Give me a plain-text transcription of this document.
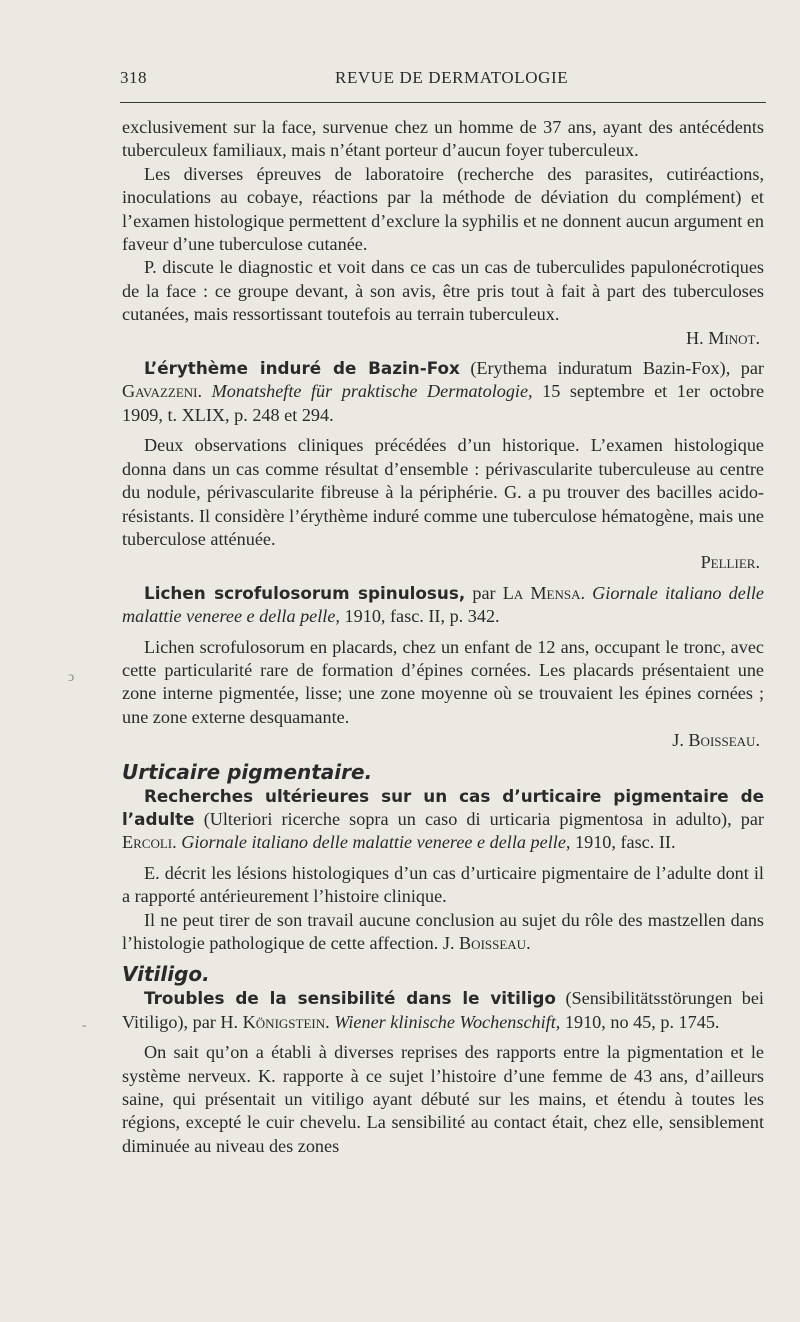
318	REVUE DE DERMATOLOGIE
ↄ
-

exclusivement sur la face, survenue chez un homme de 37 ans, ayant des antécédents tuberculeux familiaux, mais n’étant porteur d’aucun foyer tuberculeux.

Les diverses épreuves de laboratoire (recherche des parasites, cutiréactions, inoculations au cobaye, réactions par la méthode de déviation du complément) et l’examen histologique permettent d’exclure la syphilis et ne donnent aucun argument en faveur d’une tuberculose cutanée.

P. discute le diagnostic et voit dans ce cas un cas de tuberculides papulonécrotiques de la face : ce groupe devant, à son avis, être pris tout à fait à part des tuberculoses cutanées, mais ressortissant toutefois au terrain tuberculeux.

H. Minot.

L’érythème induré de Bazin-Fox (Erythema induratum Bazin-Fox), par Gavazzeni. Monatshefte für praktische Dermatologie, 15 septembre et 1er octobre 1909, t. XLIX, p. 248 et 294.

Deux observations cliniques précédées d’un historique. L’examen histologique donna dans un cas comme résultat d’ensemble : périvascularite tuberculeuse au centre du nodule, périvascularite fibreuse à la périphérie. G. a pu trouver des bacilles acido-résistants. Il considère l’érythème induré comme une tuberculose hématogène, mais une tuberculose atténuée.

Pellier.

Lichen scrofulosorum spinulosus, par La Mensa. Giornale italiano delle malattie veneree e della pelle, 1910, fasc. II, p. 342.

Lichen scrofulosorum en placards, chez un enfant de 12 ans, occupant le tronc, avec cette particularité rare de formation d’épines cornées. Les placards présentaient une zone interne pigmentée, lisse; une zone moyenne où se trouvaient les épines cornées ; une zone externe desquamante.

J. Boisseau.

Urticaire pigmentaire.

Recherches ultérieures sur un cas d’urticaire pigmentaire de l’adulte (Ulteriori ricerche sopra un caso di urticaria pigmentosa in adulto), par Ercoli. Giornale italiano delle malattie veneree e della pelle, 1910, fasc. II.

E. décrit les lésions histologiques d’un cas d’urticaire pigmentaire de l’adulte dont il a rapporté antérieurement l’histoire clinique.

Il ne peut tirer de son travail aucune conclusion au sujet du rôle des mastzellen dans l’histologie pathologique de cette affection. J. Boisseau.

Vitiligo.

Troubles de la sensibilité dans le vitiligo (Sensibilitätsstörungen bei Vitiligo), par H. Königstein. Wiener klinische Wochenschift, 1910, no 45, p. 1745.

On sait qu’on a établi à diverses reprises des rapports entre la pigmentation et le système nerveux. K. rapporte à ce sujet l’histoire d’une femme de 43 ans, d’ailleurs saine, qui présentait un vitiligo ayant débuté sur les mains, et étendu à toutes les régions, excepté le cuir chevelu. La sensibilité au contact était, chez elle, sensiblement diminuée au niveau des zones
